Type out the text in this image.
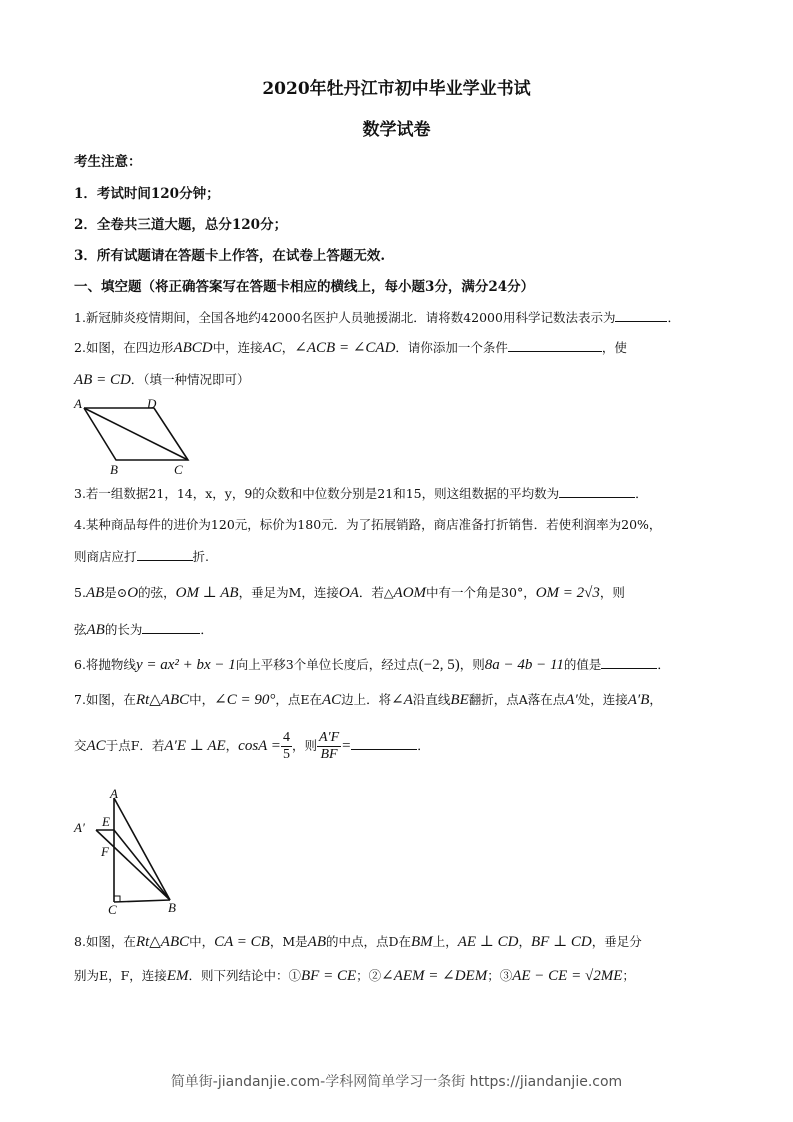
2020年牡丹江市初中毕业学业书试
数学试卷
考生注意：
1．考试时间120分钟；
2．全卷共三道大题，总分120分；
3．所有试题请在答题卡上作答，在试卷上答题无效.
一、填空题（将正确答案写在答题卡相应的横线上，每小题3分，满分24分）
1.新冠肺炎疫情期间，全国各地约42000名医护人员驰援湖北．请将数42000用科学记数法表示为	．
2.如图，在四边形ABCD中，连接AC，∠ACB = ∠CAD．请你添加一个条件	，使
AB = CD．（填一种情况即可）
A	D
B	C
3.若一组数据21，14，x，y，9的众数和中位数分别是21和15，则这组数据的平均数为	．
4.某种商品每件的进价为120元，标价为180元．为了拓展销路，商店准备打折销售．若使利润率为20%，
则商店应打	折.
5.AB是⊙O的弦，OM ⊥ AB，垂足为M，连接OA．若△AOM中有一个角是30°，OM = 2√3，则
弦AB的长为	．
6.将抛物线y = ax² + bx − 1向上平移3个单位长度后，经过点(−2, 5)，则8a − 4b − 11的值是	．
7.如图，在Rt△ABC中，∠C = 90°，点E在AC边上．将∠A沿直线BE翻折，点A落在点A′处，连接A′B，
交AC于点F．若A′E ⊥ AE，$\cos A = \frac{4}{5}$ ，则 $\frac{A'F}{BF}$ =	．
A
A′ E
F
C	B
8.如图，在Rt△ABC中，CA = CB，M是AB的中点，点D在BM上，AE ⊥ CD，BF ⊥ CD，垂足分
别为E，F，连接EM．则下列结论中：①BF = CE；②∠AEM = ∠DEM；③AE − CE = √2ME；
简单街-jiandanjie.com-学科网简单学习一条街 https://jiandanjie.com
